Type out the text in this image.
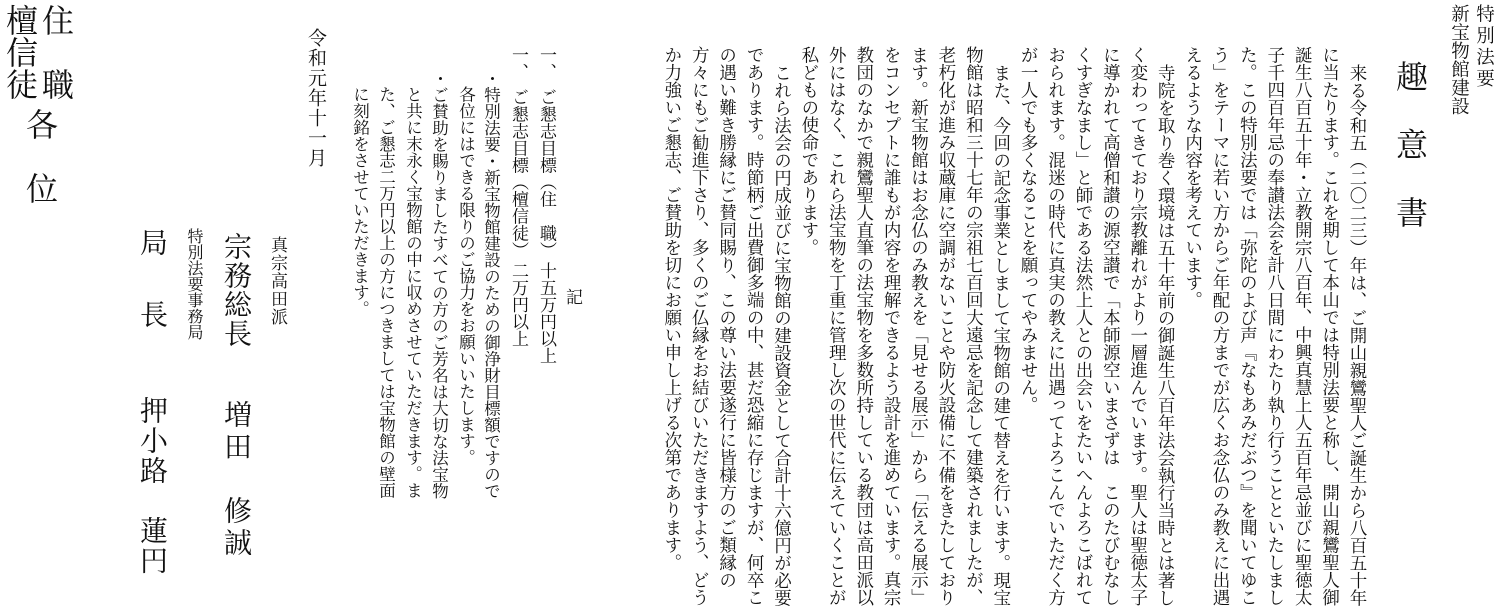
特別法要
新宝物館建設
趣　意　書

来る令和五（二〇二三）年は、ご開山親鸞聖人ご誕生から八百五十年に当たります。これを期して本山では特別法要と称し、開山親鸞聖人御誕生八百五十年・立教開宗八百年、中興真慧上人五百年忌並びに聖徳太子千四百年忌の奉讃法会を計八日間にわたり執り行うことといたしました。この特別法要では「弥陀のよび声『なもあみだぶつ』を聞いてゆこう」をテーマに若い方からご年配の方までが広くお念仏のみ教えに出遇えるような内容を考えています。

寺院を取り巻く環境は五十年前の御誕生八百年法会執行当時とは著しく変わってきており宗教離れがより一層進んでいます。聖人は聖徳太子に導かれて高僧和讃の源空讃で「本師源空いまさずは　このたびむなしくすぎなまし」と師である法然上人との出会いをたいへんよろこばれておられます。混迷の時代に真実の教えに出遇ってよろこんでいただく方が一人でも多くなることを願ってやみません。

また、今回の記念事業としまして宝物館の建て替えを行います。現宝物館は昭和三十七年の宗祖七百回大遠忌を記念して建築されましたが、老朽化が進み収蔵庫に空調がないことや防火設備に不備をきたしております。新宝物館はお念仏のみ教えを「見せる展示」から「伝える展示」をコンセプトに誰もが内容を理解できるよう設計を進めています。真宗教団のなかで親鸞聖人直筆の法宝物を多数所持している教団は高田派以外にはなく、これら法宝物を丁重に管理し次の世代に伝えていくことが私どもの使命であります。

これら法会の円成並びに宝物館の建設資金として合計十六億円が必要であります。時節柄ご出費御多端の中、甚だ恐縮に存じますが、何卒この遇い難き勝縁にご賛同賜り、この尊い法要遂行に皆様方のご類縁の方々にもご勧進下さり、多くのご仏縁をお結びいただきますよう、どうか力強いご懇志、ご賛助を切にお願い申し上げる次第であります。

記
一、　ご懇志目標（住　職）
十五万円以上
一、　ご懇志目標（檀信徒）
二万円以上
・特別法要・新宝物館建設のための御浄財目標額ですので
各位にはできる限りのご協力をお願いいたします。
・ご賛助を賜りましたすべての方のご芳名は大切な法宝物
と共に末永く宝物館の中に収めさせていただきます。ま
た、ご懇志二万円以上の方につきましては宝物館の壁面
に刻銘をさせていただきます。
令和元年十一月
真宗高田派
宗務総長
増田　修誠
特別法要事務局
局　長
押小路　蓮円
住　職
檀信徒
各　位
